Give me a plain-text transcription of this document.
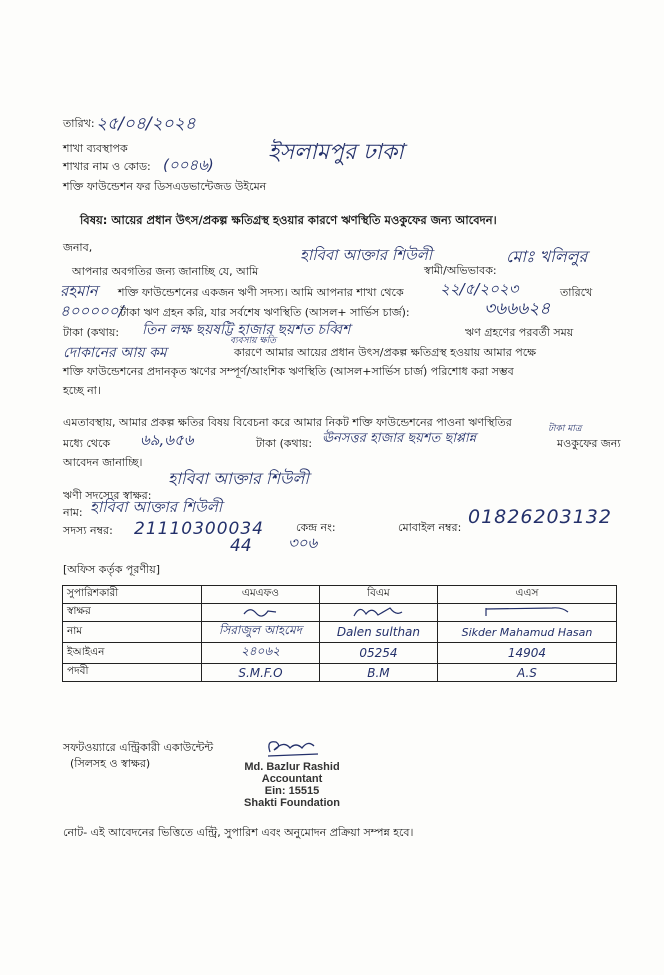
তারিখ: ২৫/০৪/২০২৪
শাখা ব্যবস্থাপক
শাখার নাম ও কোড: (০০৪৬) ইসলামপুর ঢাকা
শক্তি ফাউন্ডেশন ফর ডিসএডভান্টেজড উইমেন
বিষয়: আয়ের প্রধান উৎস/প্রকল্প ক্ষতিগ্রস্থ হওয়ার কারণে ঋণস্থিতি মওকুফের জন্য আবেদন।
জনাব,
আপনার অবগতির জন্য জানাচ্ছি যে, আমি
হাবিবা আক্তার শিউলী
স্বামী/অভিভাবক:
মোঃ খলিলুর
রহমান শক্তি ফাউন্ডেশনের একজন ঋণী সদস্য। আমি আপনার শাখা থেকে ২২/৫/২০২৩	তারিখে
৪০০০০০/
টাকা ঋণ গ্রহন করি, যার সর্বশেষ ঋণস্থিতি (আসল+ সার্ভিস চার্জ):	৩৬৬৬২৪
টাকা (কথায়: তিন লক্ষ ছয়ষট্টি হাজার ছয়শত চব্বিশ	ঋণ গ্রহণের পরবর্তী সময়
দোকানের আয় কম
ব্যবসায় ক্ষতি
কারণে আমার আয়ের প্রধান উৎস/প্রকল্প ক্ষতিগ্রস্থ হওয়ায় আমার পক্ষে
শক্তি ফাউন্ডেশনের প্রদানকৃত ঋণের সম্পূর্ণ/আংশিক ঋণস্থিতি (আসল+সার্ভিস চার্জ) পরিশোধ করা সম্ভব
হচ্ছে না।
এমতাবস্থায়, আমার প্রকল্প ক্ষতির বিষয় বিবেচনা করে আমার নিকট শক্তি ফাউন্ডেশনের পাওনা ঋণস্থিতির
মধ্যে থেকে ৬৯,৬৫৬	টাকা (কথায়: ঊনসত্তর হাজার ছয়শত ছাপ্পান্ন
টাকা মাত্র
মওকুফের জন্য
আবেদন জানাচ্ছি।
হাবিবা আক্তার শিউলী
ঋণী সদস্যের স্বাক্ষর:
নাম: হাবিবা আক্তার শিউলী
সদস্য নম্বর: 21110300034
44
কেন্দ্র নং:
৩০৬
মোবাইল নম্বর: 01826203132
[অফিস কর্তৃক পূরণীয়]
সুপারিশকারী	এমএফও	বিএম	এএস
স্বাক্ষর			
নাম	সিরাজুল আহমেদ	Dalen sulthan	Sikder Mahamud Hasan
ইআইএন	২৪০৬২	05254	14904
পদবী	S.M.F.O	B.M	A.S
সফটওয়্যারে এন্ট্রিকারী একাউন্টেন্ট
(সিলসহ ও স্বাক্ষর)	Md. Bazlur Rashid
Accountant
Ein: 15515
Shakti Foundation
নোট- এই আবেদনের ভিত্তিতে এন্ট্রি, সুপারিশ এবং অনুমোদন প্রক্রিয়া সম্পন্ন হবে।
